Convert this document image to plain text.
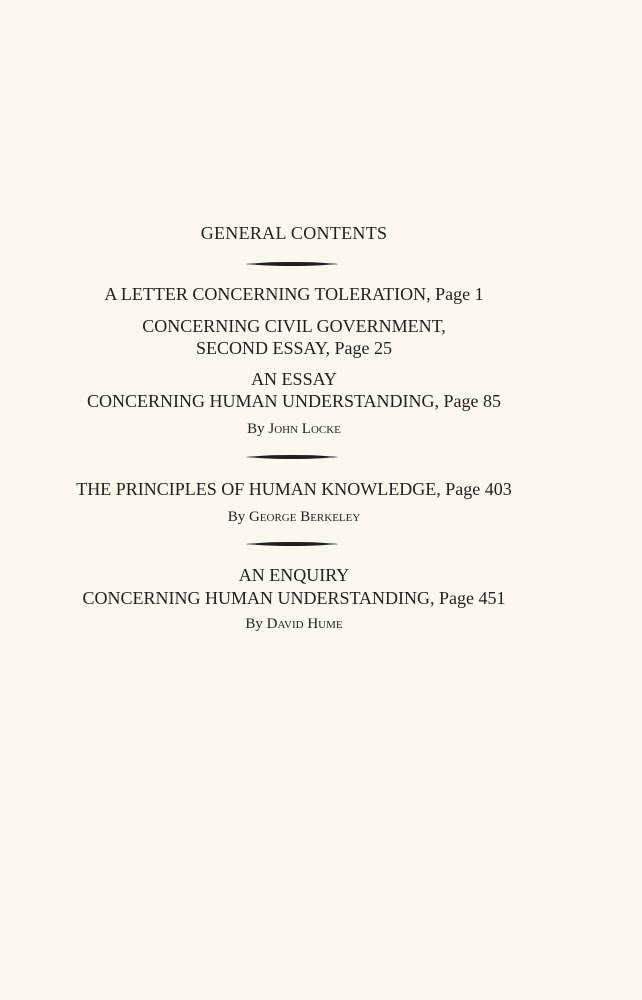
GENERAL CONTENTS
A LETTER CONCERNING TOLERATION, Page 1
CONCERNING CIVIL GOVERNMENT,
SECOND ESSAY, Page 25
AN ESSAY
CONCERNING HUMAN UNDERSTANDING, Page 85
By John Locke
THE PRINCIPLES OF HUMAN KNOWLEDGE, Page 403
By George Berkeley
AN ENQUIRY
CONCERNING HUMAN UNDERSTANDING, Page 451
By David Hume
